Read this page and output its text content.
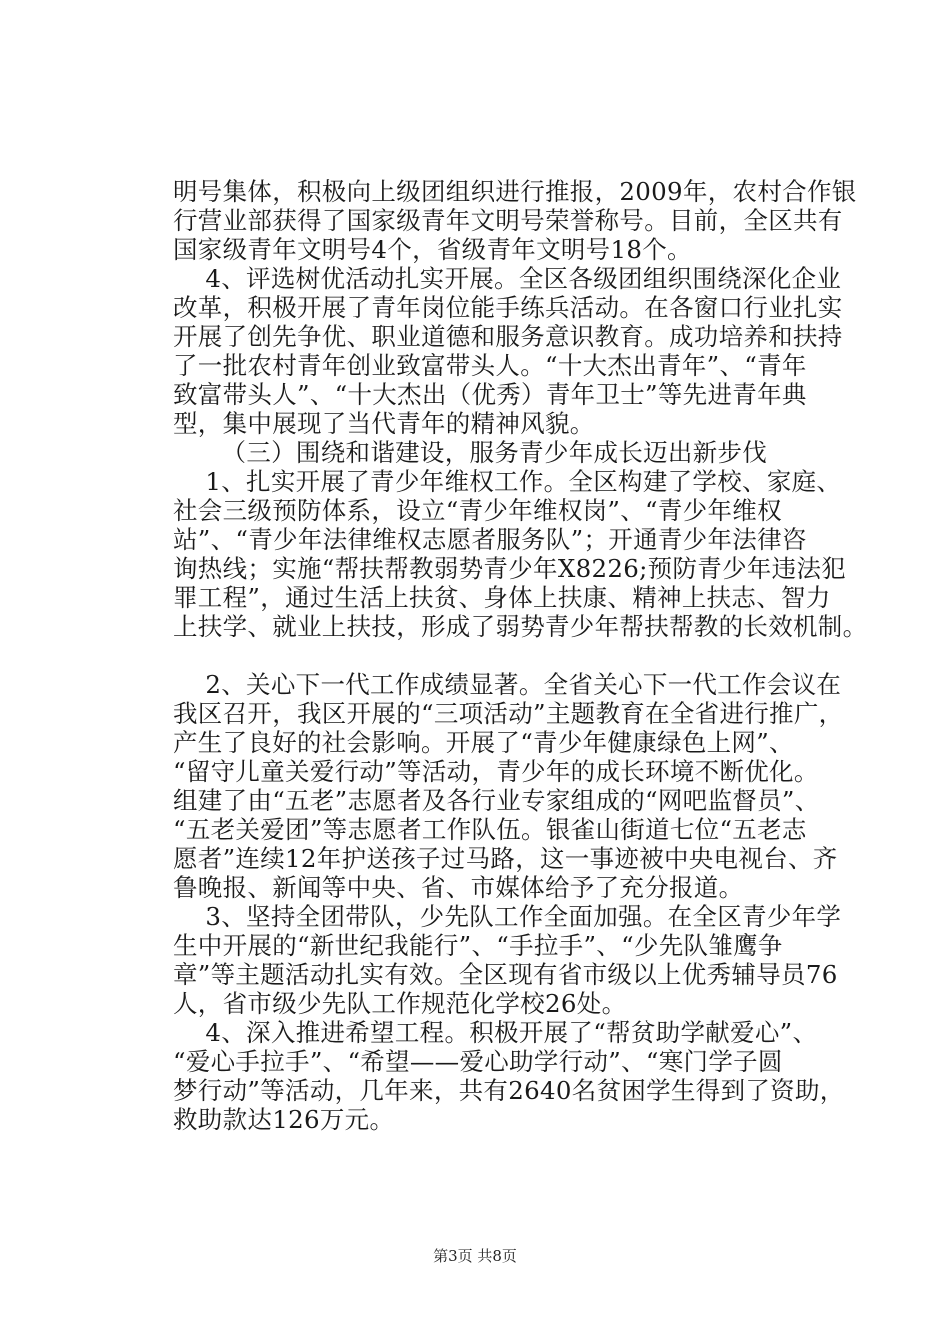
明号集体，积极向上级团组织进行推报，2009年，农村合作银
行营业部获得了国家级青年文明号荣誉称号。目前，全区共有
国家级青年文明号4个，省级青年文明号18个。
4、评选树优活动扎实开展。全区各级团组织围绕深化企业
改革，积极开展了青年岗位能手练兵活动。在各窗口行业扎实
开展了创先争优、职业道德和服务意识教育。成功培养和扶持
了一批农村青年创业致富带头人。“十大杰出青年”、“青年
致富带头人”、“十大杰出（优秀）青年卫士”等先进青年典
型，集中展现了当代青年的精神风貌。
（三）围绕和谐建设，服务青少年成长迈出新步伐
1、扎实开展了青少年维权工作。全区构建了学校、家庭、
社会三级预防体系，设立“青少年维权岗”、“青少年维权
站”、“青少年法律维权志愿者服务队”；开通青少年法律咨
询热线；实施“帮扶帮教弱势青少年X8226;预防青少年违法犯
罪工程”，通过生活上扶贫、身体上扶康、精神上扶志、智力
上扶学、就业上扶技，形成了弱势青少年帮扶帮教的长效机制。
2、关心下一代工作成绩显著。全省关心下一代工作会议在
我区召开，我区开展的“三项活动”主题教育在全省进行推广，
产生了良好的社会影响。开展了“青少年健康绿色上网”、
“留守儿童关爱行动”等活动，青少年的成长环境不断优化。
组建了由“五老”志愿者及各行业专家组成的“网吧监督员”、
“五老关爱团”等志愿者工作队伍。银雀山街道七位“五老志
愿者”连续12年护送孩子过马路，这一事迹被中央电视台、齐
鲁晚报、新闻等中央、省、市媒体给予了充分报道。
3、坚持全团带队，少先队工作全面加强。在全区青少年学
生中开展的“新世纪我能行”、“手拉手”、“少先队雏鹰争
章”等主题活动扎实有效。全区现有省市级以上优秀辅导员76
人，省市级少先队工作规范化学校26处。
4、深入推进希望工程。积极开展了“帮贫助学献爱心”、
“爱心手拉手”、“希望——爱心助学行动”、“寒门学子圆
梦行动”等活动，几年来，共有2640名贫困学生得到了资助，
救助款达126万元。
第3页 共8页
